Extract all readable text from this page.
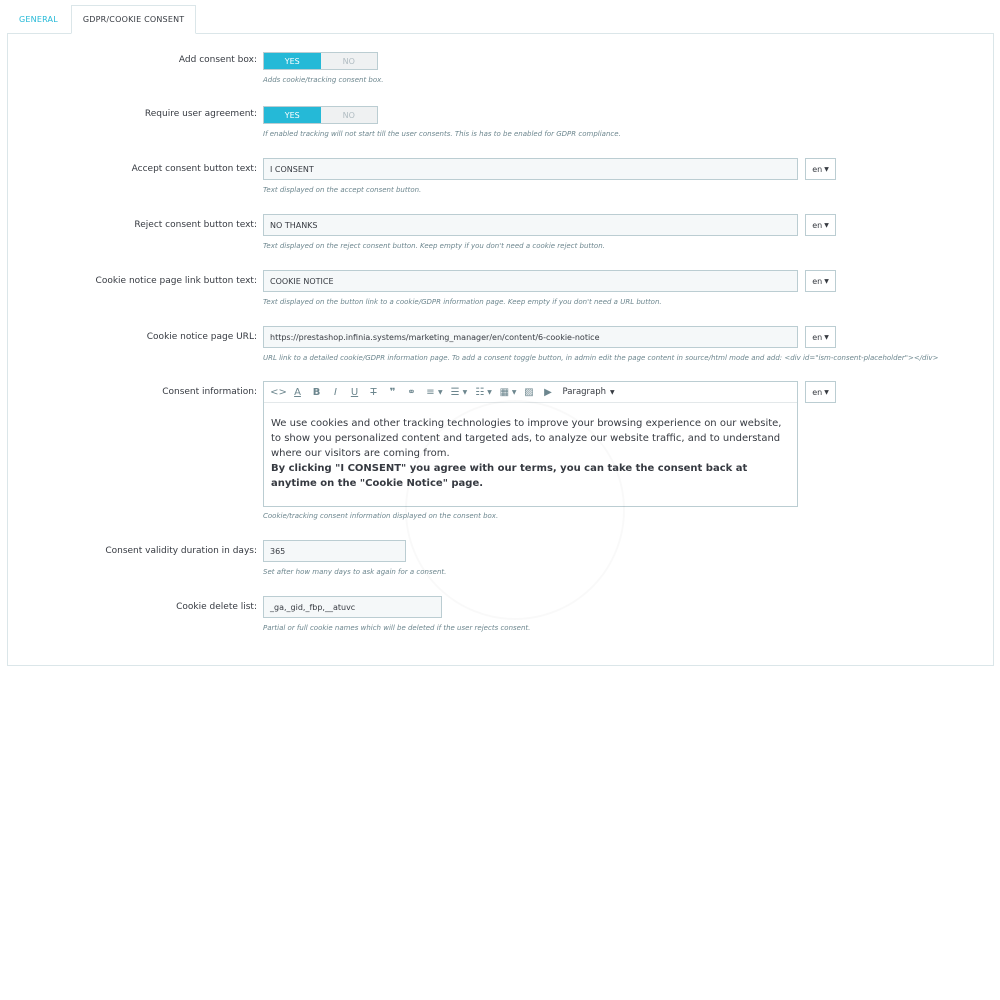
GENERAL	GDPR/COOKIE CONSENT
Add consent box:	YES	NO
Adds cookie/tracking consent box.
Require user agreement:	YES	NO
If enabled tracking will not start till the user consents. This is has to be enabled for GDPR compliance.
Accept consent button text:	I CONSENT	en ▼
Text displayed on the accept consent button.
Reject consent button text:	NO THANKS	en ▼
Text displayed on the reject consent button. Keep empty if you don't need a cookie reject button.
Cookie notice page link button text:	COOKIE NOTICE	en ▼
Text displayed on the button link to a cookie/GDPR information page. Keep empty if you don't need a URL button.
Cookie notice page URL:	https://prestashop.infinia.systems/marketing_manager/en/content/6-cookie-notice	en ▼
URL link to a detailed cookie/GDPR information page. To add a consent toggle button, in admin edit the page content in source/html mode and add: <div id="ism-consent-placeholder"></div>
Consent information: <> A	B	I	U	T	❞	⚭	≡ ▼ ☰ ▼ ☷ ▼ ▦ ▼ ▨	▶	Paragraph ▼

We use cookies and other tracking technologies to improve your browsing experience on our website, to show you personalized content and targeted ads, to analyze our website traffic, and to understand where our visitors are coming from.

By clicking "I CONSENT" you agree with our terms, you can take the consent back at anytime on the "Cookie Notice" page.

en ▼
Cookie/tracking consent information displayed on the consent box.
Consent validity duration in days:	365
Set after how many days to ask again for a consent.
Cookie delete list:	_ga,_gid,_fbp,__atuvc
Partial or full cookie names which will be deleted if the user rejects consent.
